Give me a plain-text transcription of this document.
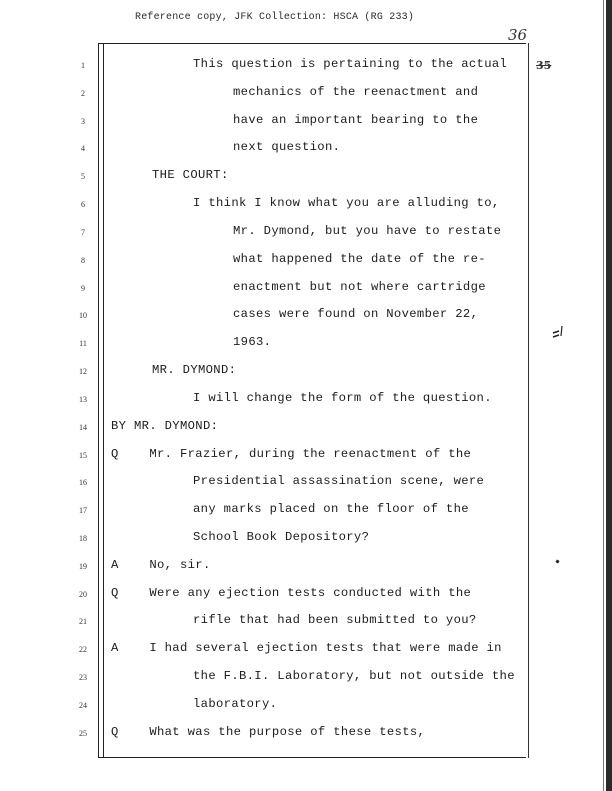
Reference copy, JFK Collection: HSCA (RG 233)
36
35
1	This question is pertaining to the actual
2	mechanics of the reenactment and
3	have an important bearing to the
4	next question.
5	THE COURT:
6	I think I know what you are alluding to,
7	Mr. Dymond, but you have to restate
8	what happened the date of the re-
9	enactment but not where cartridge
10	cases were found on November 22,
11	1963.
12	MR. DYMOND:
13	I will change the form of the question.
14	BY MR. DYMOND:
15	Q    Mr. Frazier, during the reenactment of the
16	Presidential assassination scene, were
17	any marks placed on the floor of the
18	School Book Depository?
19	A    No, sir.
20	Q    Were any ejection tests conducted with the
21	rifle that had been submitted to you?
22	A    I had several ejection tests that were made in
23	the F.B.I. Laboratory, but not outside the
24	laboratory.
25	Q    What was the purpose of these tests,
